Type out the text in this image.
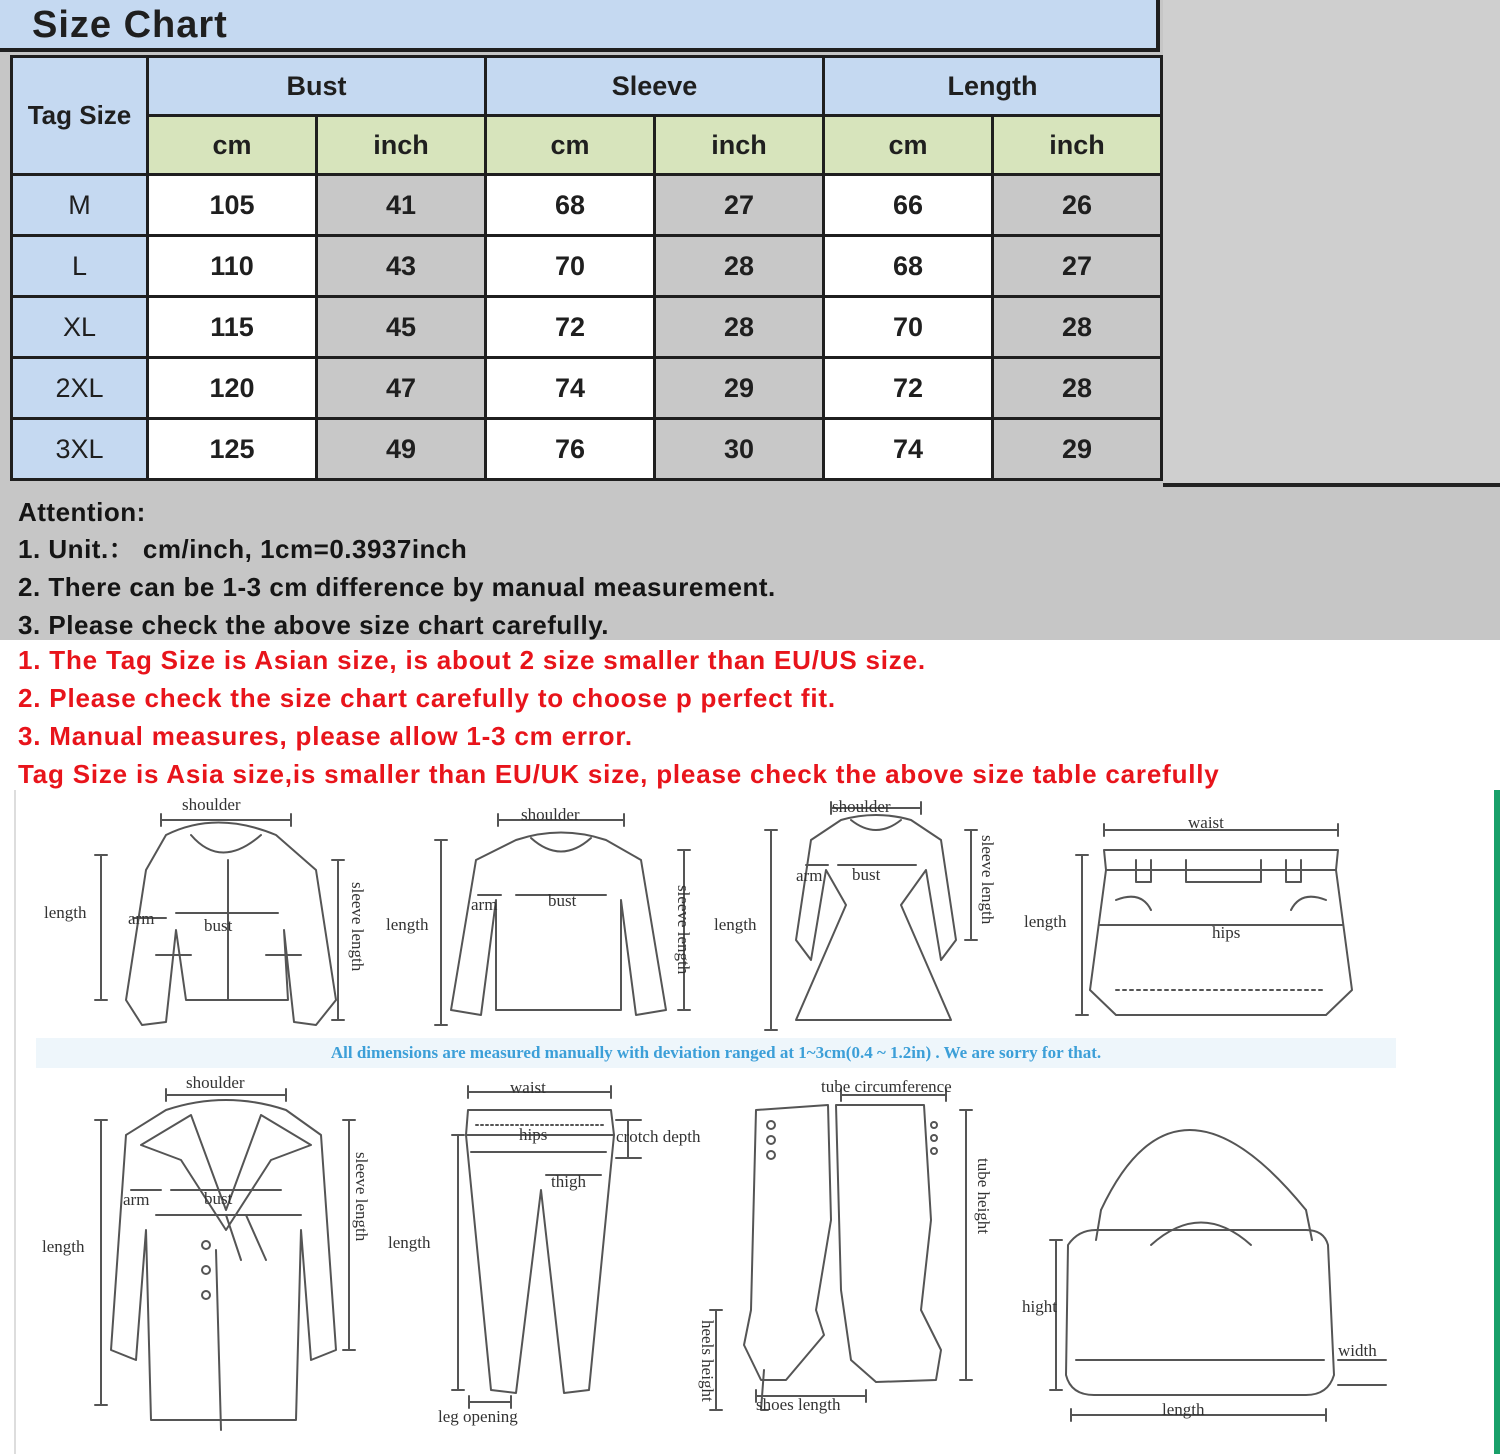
Size Chart
Tag Size	Bust		Sleeve		Length	
	cm	inch	cm	inch	cm	inch
M	105	41	68	27	66	26
L	110	43	70	28	68	27
XL	115	45	72	28	70	28
2XL	120	47	74	29	72	28
3XL	125	49	76	30	74	29
Attention:
1. Unit.： cm/inch, 1cm=0.3937inch
2. There can be 1-3 cm difference by manual measurement.
3. Please check the above size chart carefully.
1. The Tag Size is Asian size, is about 2 size smaller than EU/US size.
2. Please check the size chart carefully to choose p perfect fit.
3. Manual measures, please allow 1-3 cm error.
Tag Size is Asia size,is smaller than EU/UK size, please check the above size table carefully
shoulder
length arm	bust	sleeve length
shoulder
length
arm	bust	sleeve length
shoulder
length
arm bust	sleeve length
waist
length
hips
shoulder
length
arm	bust	sleeve length
waist
hips	crotch depth
thigh
length
leg opening
tube circumference
tube height
heels height
shoes length
hight
width
length
All dimensions are measured manually with deviation ranged at 1~3cm(0.4 ~ 1.2in) . We are sorry for that.
